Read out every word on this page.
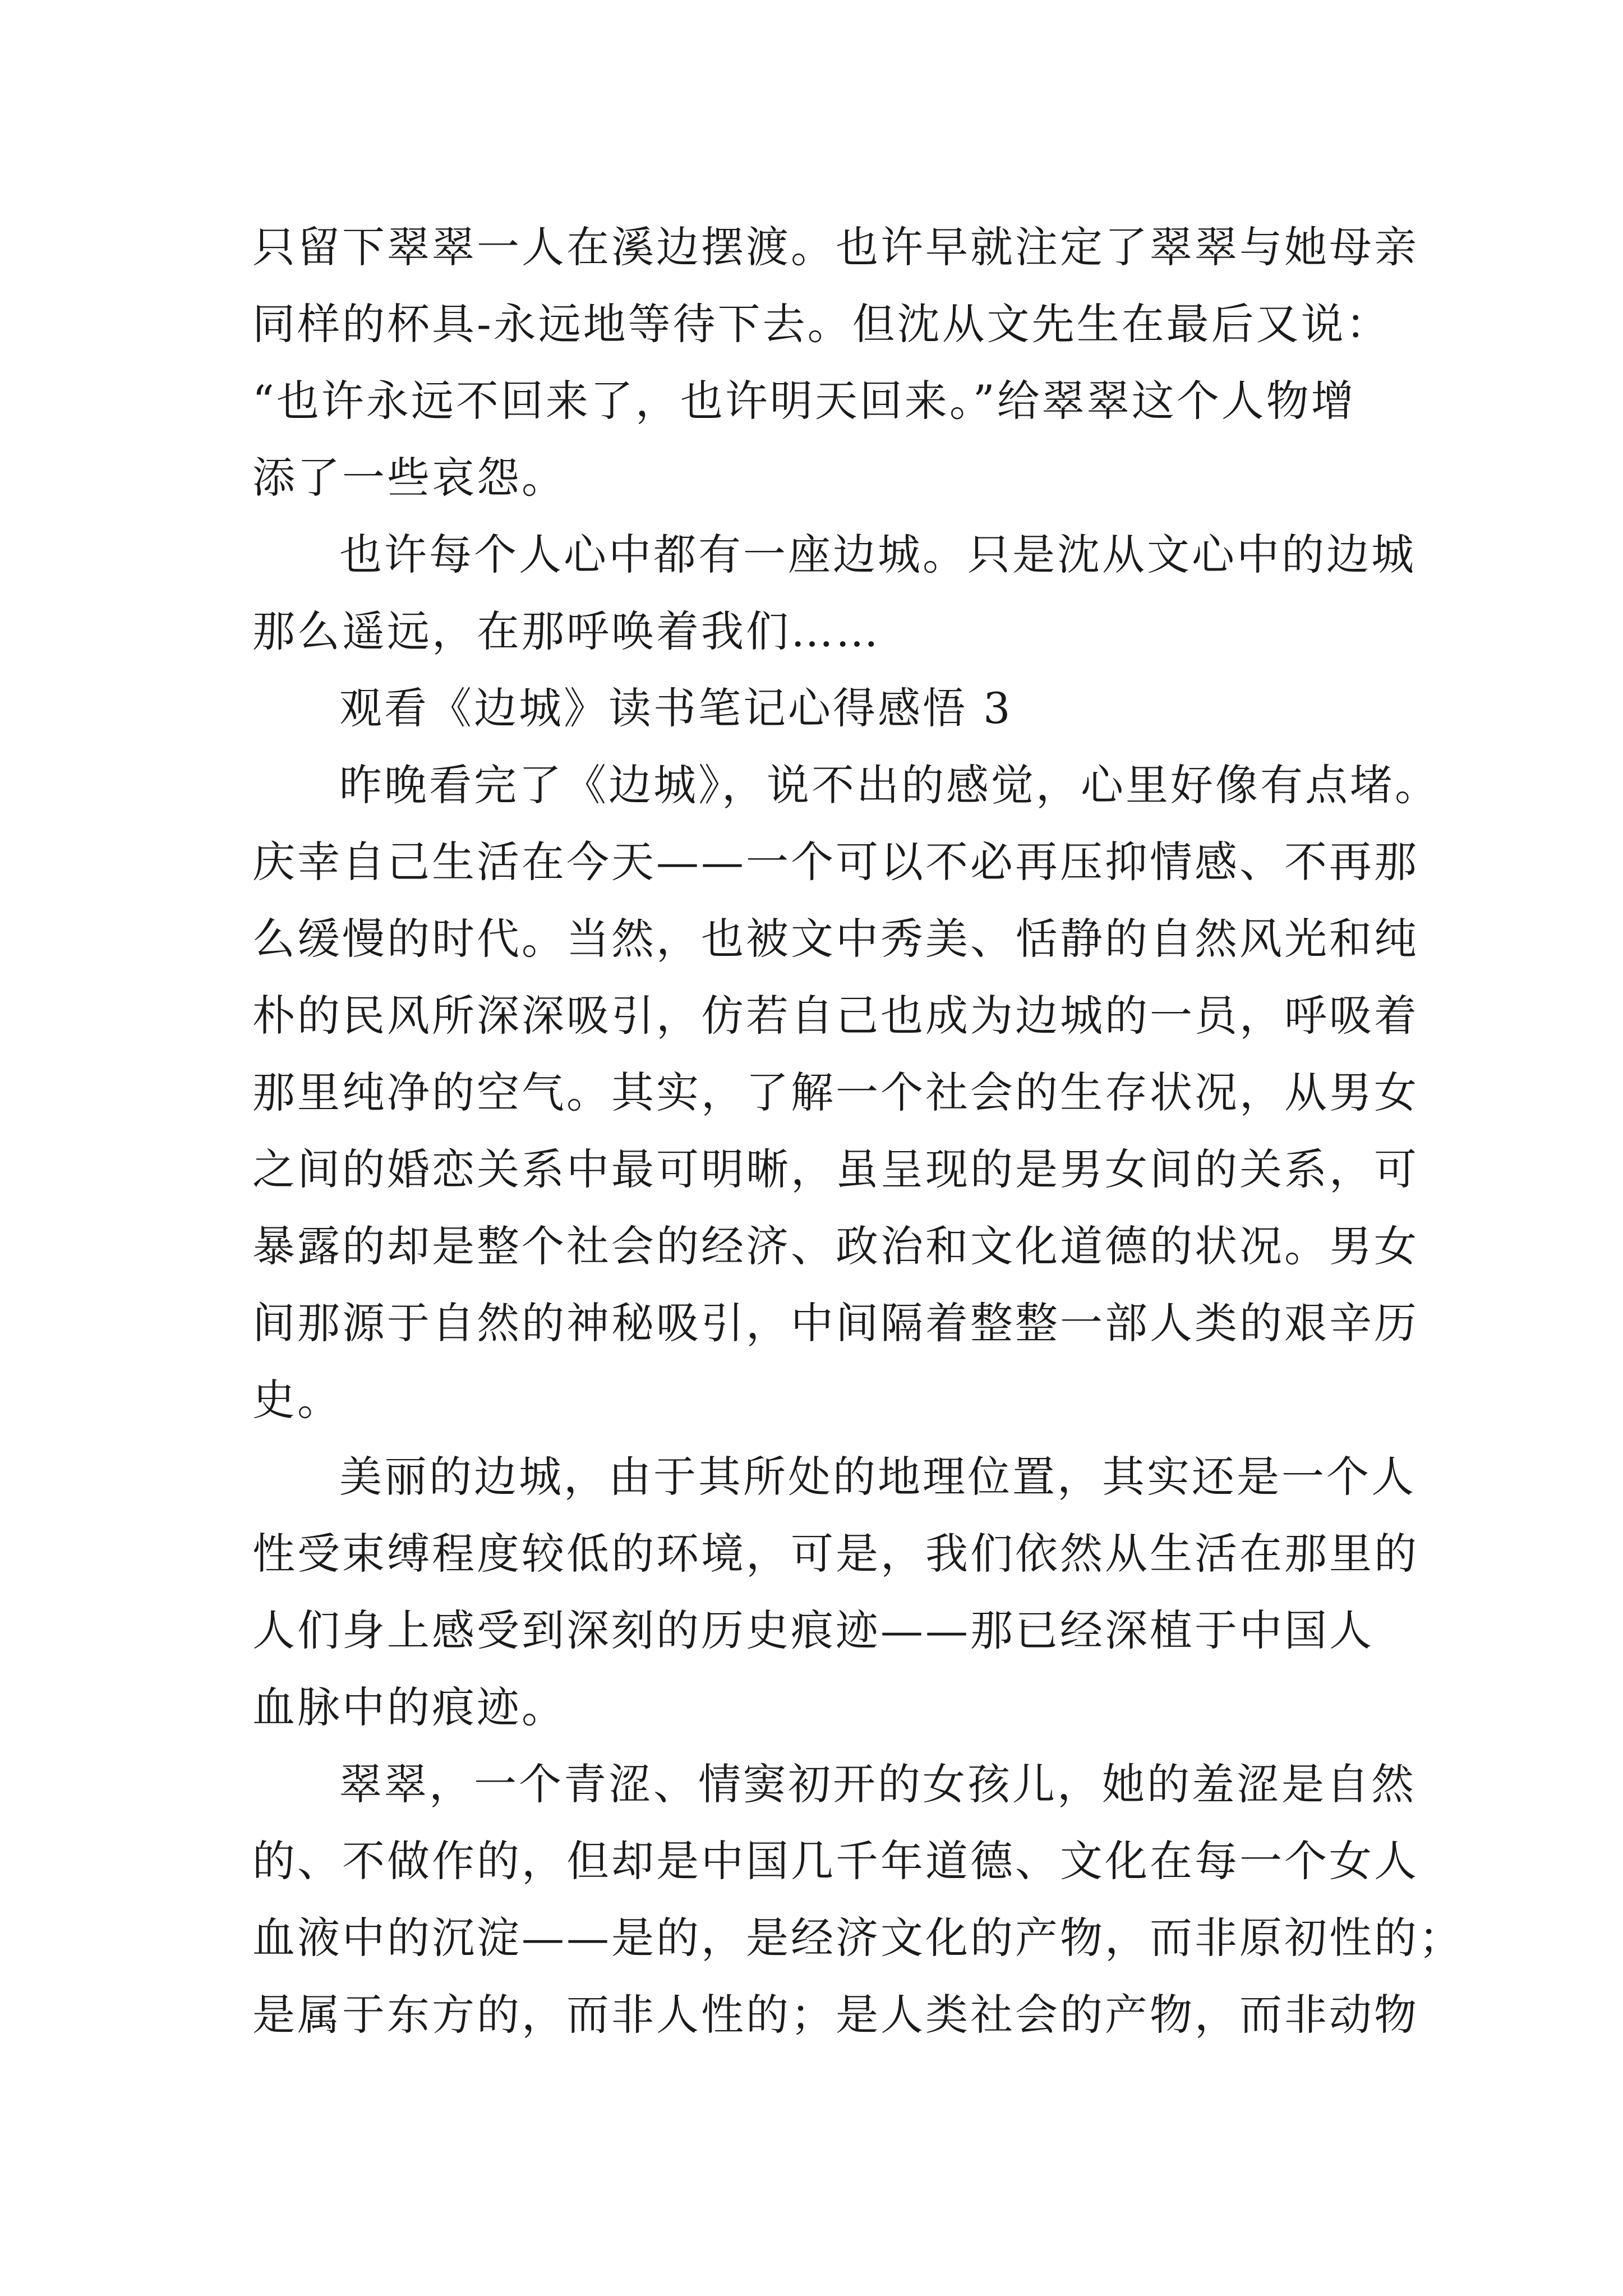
只留下翠翠一人在溪边摆渡。也许早就注定了翠翠与她母亲
同样的杯具-永远地等待下去。但沈从文先生在最后又说：
“也许永远不回来了，也许明天回来。”给翠翠这个人物增
添了一些哀怨。
也许每个人心中都有一座边城。只是沈从文心中的边城
那么遥远，在那呼唤着我们……
观看《边城》读书笔记心得感悟 3
昨晚看完了《边城》，说不出的感觉，心里好像有点堵。
庆幸自己生活在今天——一个可以不必再压抑情感、不再那
么缓慢的时代。当然，也被文中秀美、恬静的自然风光和纯
朴的民风所深深吸引，仿若自己也成为边城的一员，呼吸着
那里纯净的空气。其实，了解一个社会的生存状况，从男女
之间的婚恋关系中最可明晰，虽呈现的是男女间的关系，可
暴露的却是整个社会的经济、政治和文化道德的状况。男女
间那源于自然的神秘吸引，中间隔着整整一部人类的艰辛历
史。
美丽的边城，由于其所处的地理位置，其实还是一个人
性受束缚程度较低的环境，可是，我们依然从生活在那里的
人们身上感受到深刻的历史痕迹——那已经深植于中国人
血脉中的痕迹。
翠翠，一个青涩、情窦初开的女孩儿，她的羞涩是自然
的、不做作的，但却是中国几千年道德、文化在每一个女人
血液中的沉淀——是的，是经济文化的产物，而非原初性的；
是属于东方的，而非人性的；是人类社会的产物，而非动物
